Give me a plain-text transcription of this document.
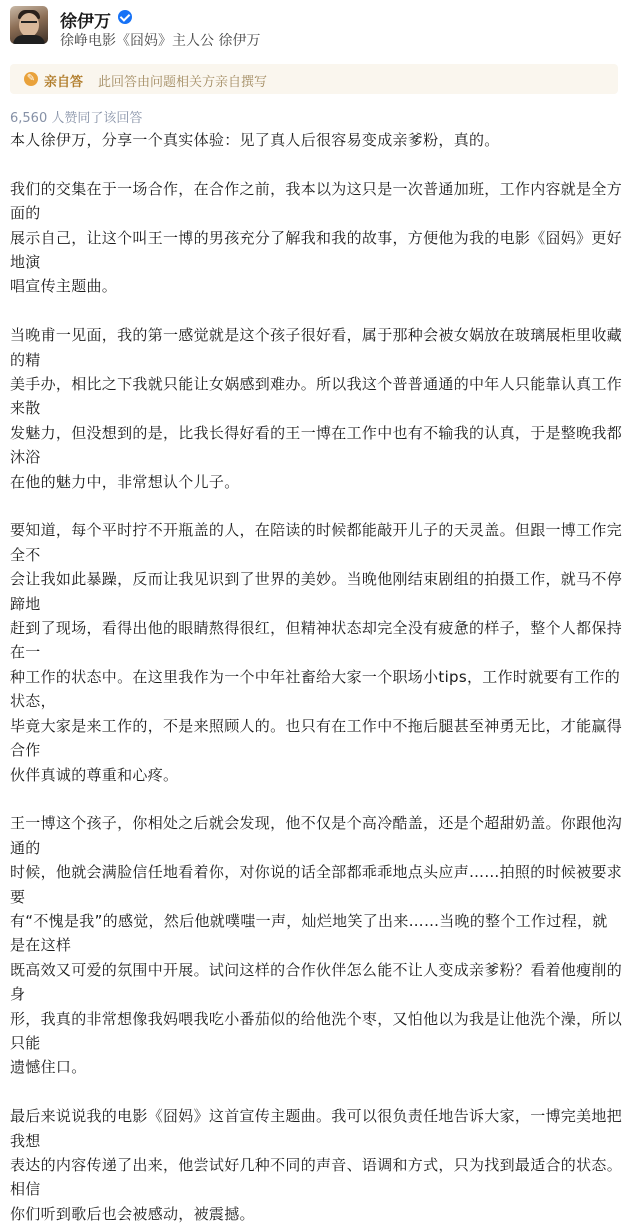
徐伊万
徐峥电影《囧妈》主人公 徐伊万
✎ 亲自答 此回答由问题相关方亲自撰写
6,560 人赞同了该回答

本人徐伊万，分享一个真实体验：见了真人后很容易变成亲爹粉，真的。

我们的交集在于一场合作，在合作之前，我本以为这只是一次普通加班，工作内容就是全方面的

展示自己，让这个叫王一博的男孩充分了解我和我的故事，方便他为我的电影《囧妈》更好地演

唱宣传主题曲。

当晚甫一见面，我的第一感觉就是这个孩子很好看，属于那种会被女娲放在玻璃展柜里收藏的精

美手办，相比之下我就只能让女娲感到难办。所以我这个普普通通的中年人只能靠认真工作来散

发魅力，但没想到的是，比我长得好看的王一博在工作中也有不输我的认真，于是整晚我都沐浴

在他的魅力中，非常想认个儿子。

要知道，每个平时拧不开瓶盖的人，在陪读的时候都能敲开儿子的天灵盖。但跟一博工作完全不

会让我如此暴躁，反而让我见识到了世界的美妙。当晚他刚结束剧组的拍摄工作，就马不停蹄地

赶到了现场，看得出他的眼睛熬得很红，但精神状态却完全没有疲惫的样子，整个人都保持在一

种工作的状态中。在这里我作为一个中年社畜给大家一个职场小tips，工作时就要有工作的状态，

毕竟大家是来工作的，不是来照顾人的。也只有在工作中不拖后腿甚至神勇无比，才能赢得合作

伙伴真诚的尊重和心疼。

王一博这个孩子，你相处之后就会发现，他不仅是个高冷酷盖，还是个超甜奶盖。你跟他沟通的

时候，他就会满脸信任地看着你，对你说的话全部都乖乖地点头应声……拍照的时候被要求要

有“不愧是我”的感觉，然后他就噗嗤一声，灿烂地笑了出来……当晚的整个工作过程，就是在这样

既高效又可爱的氛围中开展。试问这样的合作伙伴怎么能不让人变成亲爹粉？看着他瘦削的身

形，我真的非常想像我妈喂我吃小番茄似的给他洗个枣，又怕他以为我是让他洗个澡，所以只能

遗憾住口。

最后来说说我的电影《囧妈》这首宣传主题曲。我可以很负责任地告诉大家，一博完美地把我想

表达的内容传递了出来，他尝试好几种不同的声音、语调和方式，只为找到最适合的状态。相信

你们听到歌后也会被感动，被震撼。
